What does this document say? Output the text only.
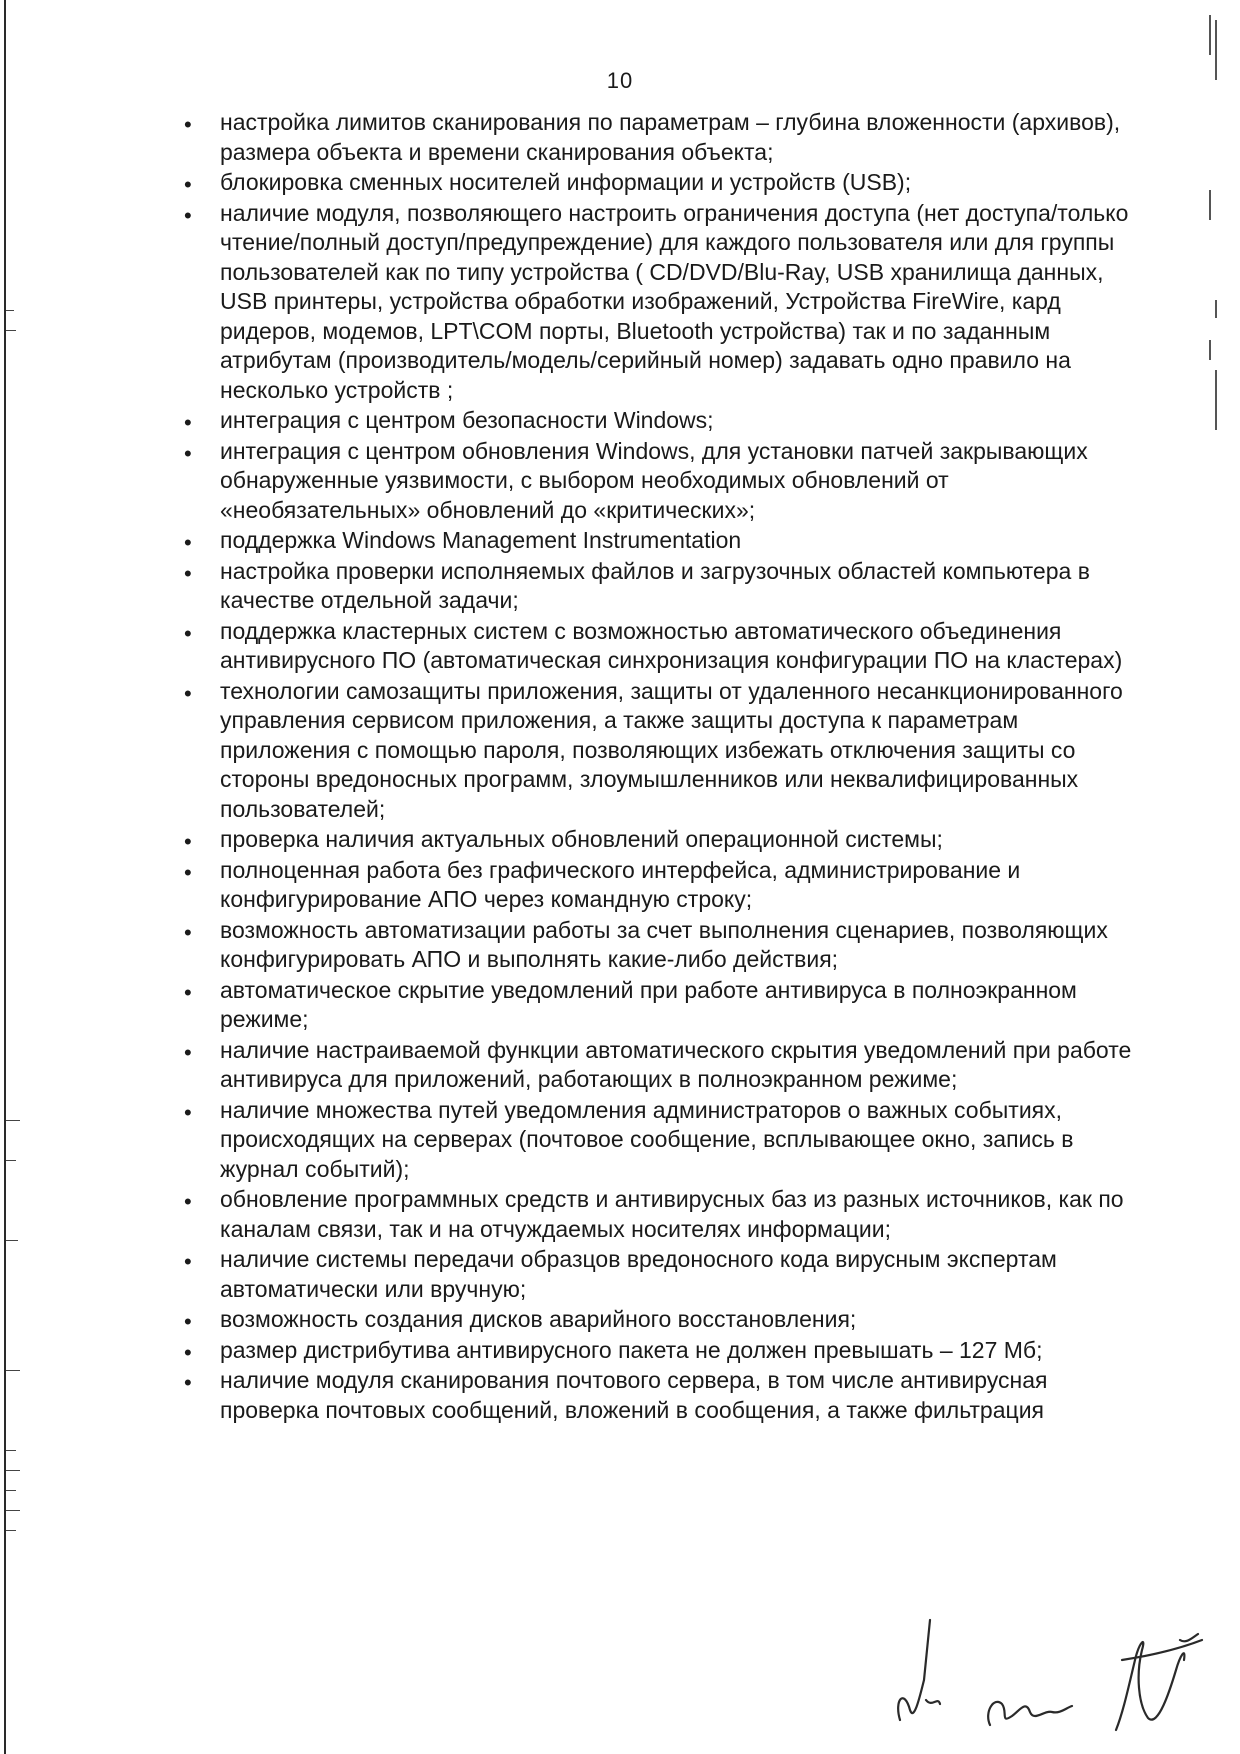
10
• настройка лимитов сканирования по параметрам – глубина вложенности (архивов), размера объекта и времени сканирования объекта;
• блокировка сменных носителей информации и устройств (USB);
• наличие модуля, позволяющего настроить ограничения доступа (нет доступа/только чтение/полный доступ/предупреждение) для каждого пользователя или для группы пользователей как по типу устройства ( CD/DVD/Blu-Ray, USB хранилища данных, USB принтеры, устройства обработки изображений, Устройства FireWire, кард ридеров, модемов, LPT\COM порты, Bluetooth устройства) так и по заданным атрибутам (производитель/модель/серийный номер) задавать одно правило на несколько устройств ;
• интеграция с центром безопасности Windows;
• интеграция с центром обновления Windows, для установки патчей закрывающих обнаруженные уязвимости, с выбором необходимых обновлений от «необязательных» обновлений до «критических»;
• поддержка Windows Management Instrumentation
• настройка проверки исполняемых файлов и загрузочных областей компьютера в качестве отдельной задачи;
• поддержка кластерных систем с возможностью автоматического объединения антивирусного ПО (автоматическая синхронизация конфигурации ПО на кластерах)
• технологии самозащиты приложения, защиты от удаленного несанкционированного управления сервисом приложения, а также защиты доступа к параметрам приложения с помощью пароля, позволяющих избежать отключения защиты со стороны вредоносных программ, злоумышленников или неквалифицированных пользователей;
• проверка наличия актуальных обновлений операционной системы;
• полноценная работа без графического интерфейса, администрирование и конфигурирование АПО через командную строку;
• возможность автоматизации работы за счет выполнения сценариев, позволяющих конфигурировать АПО и выполнять какие-либо действия;
• автоматическое скрытие уведомлений при работе антивируса в полноэкранном режиме;
• наличие настраиваемой функции автоматического скрытия уведомлений при работе антивируса для приложений, работающих в полноэкранном режиме;
• наличие множества путей уведомления администраторов о важных событиях, происходящих на серверах (почтовое сообщение, всплывающее окно, запись в журнал событий);
• обновление программных средств и антивирусных баз из разных источников, как по каналам связи, так и на отчуждаемых носителях информации;
• наличие системы передачи образцов вредоносного кода вирусным экспертам автоматически или вручную;
• возможность создания дисков аварийного восстановления;
• размер дистрибутива антивирусного пакета не должен превышать – 127 Мб;
• наличие модуля сканирования почтового сервера, в том числе антивирусная проверка почтовых сообщений, вложений в сообщения, а также фильтрация
